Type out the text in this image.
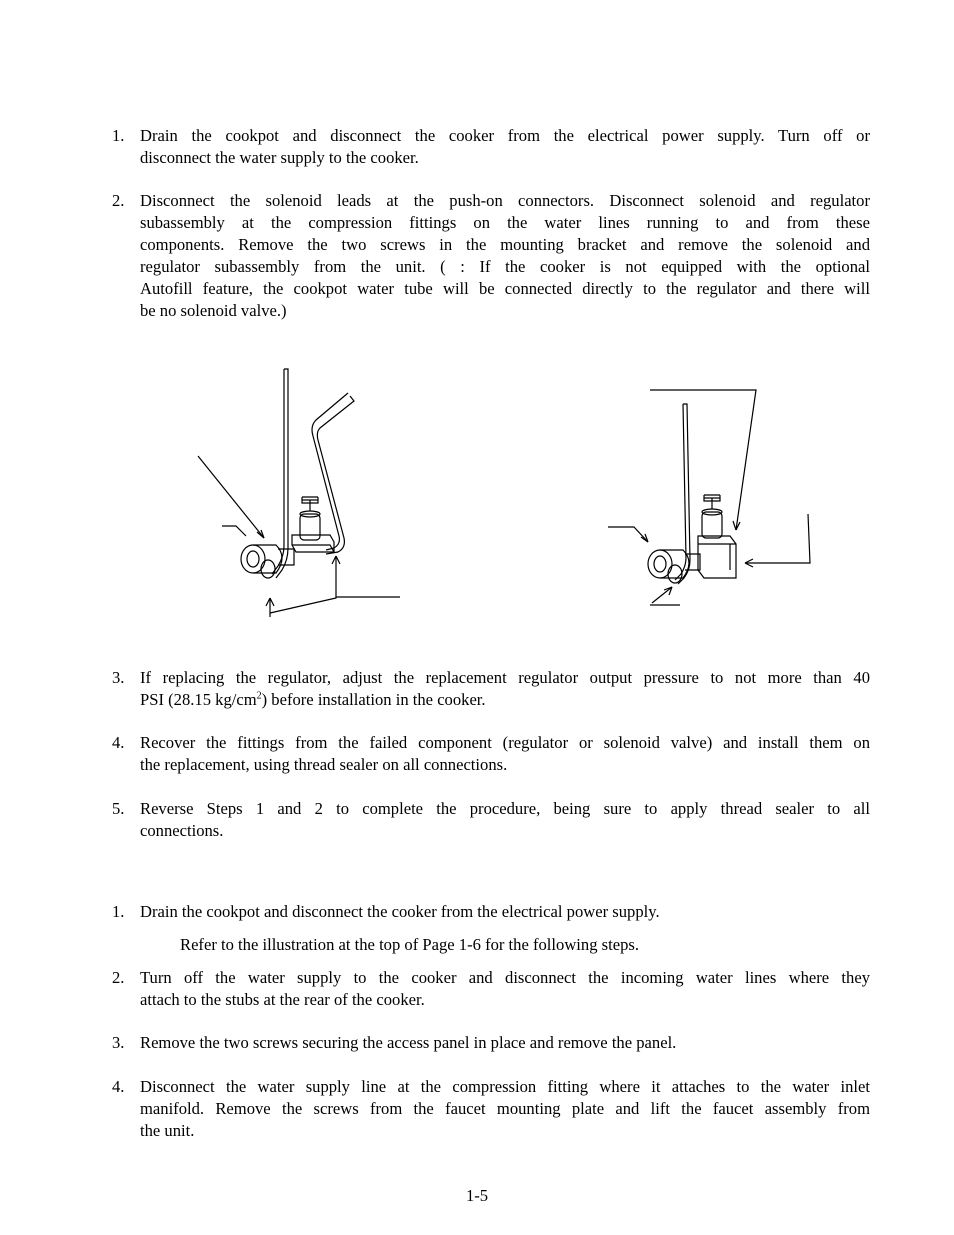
1. Drain the cookpot and disconnect the cooker from the electrical power supply. Turn off or
disconnect the water supply to the cooker.
2. Disconnect the solenoid leads at the push-on connectors. Disconnect solenoid and regulator
subassembly at the compression fittings on the water lines running to and from these
components. Remove the two screws in the mounting bracket and remove the solenoid and
regulator subassembly from the unit. ( : If the cooker is not equipped with the optional
Autofill feature, the cookpot water tube will be connected directly to the regulator and there will
be no solenoid valve.)
3. If replacing the regulator, adjust the replacement regulator output pressure to not more than 40
PSI (28.15 $kg/cm^2$) before installation in the cooker.
4. Recover the fittings from the failed component (regulator or solenoid valve) and install them on
the replacement, using thread sealer on all connections.
5. Reverse Steps 1 and 2 to complete the procedure, being sure to apply thread sealer to all
connections.
1. Drain the cookpot and disconnect the cooker from the electrical power supply.
Refer to the illustration at the top of Page 1-6 for the following steps.
2. Turn off the water supply to the cooker and disconnect the incoming water lines where they
attach to the stubs at the rear of the cooker.
3. Remove the two screws securing the access panel in place and remove the panel.
4. Disconnect the water supply line at the compression fitting where it attaches to the water inlet
manifold. Remove the screws from the faucet mounting plate and lift the faucet assembly from
the unit.
1-5
